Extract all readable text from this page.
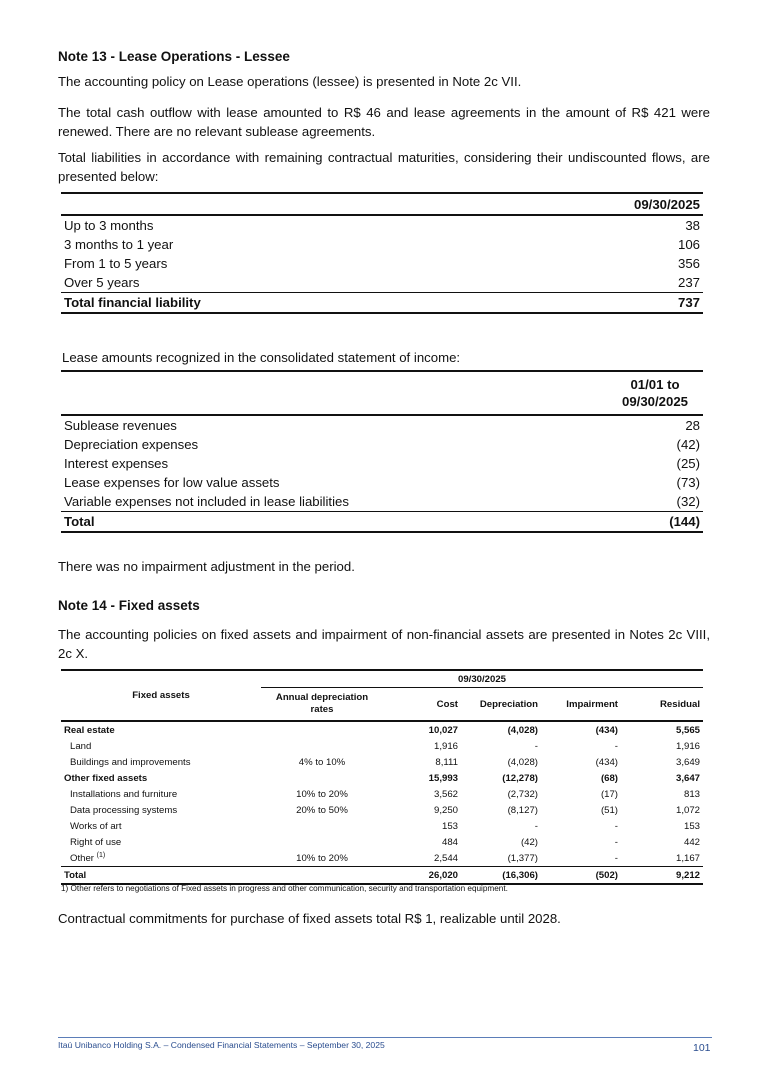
Note 13 - Lease Operations - Lessee
The accounting policy on Lease operations (lessee) is presented in Note 2c VII.
The total cash outflow with lease amounted to R$ 46 and lease agreements in the amount of R$ 421 were renewed. There are no relevant sublease agreements.
Total liabilities in accordance with remaining contractual maturities, considering their undiscounted flows, are presented below:
	09/30/2025
Up to 3 months	38
3 months to 1 year	106
From 1 to 5 years	356
Over 5 years	237
Total financial liability	737
Lease amounts recognized in the consolidated statement of income:

	01/01 to
09/30/2025

Sublease revenues	28
Depreciation expenses	(42)
Interest expenses	(25)
Lease expenses for low value assets	(73)
Variable expenses not included in lease liabilities	(32)
Total	(144)
There was no impairment adjustment in the period.
Note 14 - Fixed assets
The accounting policies on fixed assets and impairment of non-financial assets are presented in Notes 2c VIII, 2c X.
Fixed assets	09/30/2025				
	Annual depreciation rates	Cost	Depreciation	Impairment	Residual
Real estate		10,027	(4,028)	(434)	5,565
Land		1,916	-	-	1,916
Buildings and improvements	4% to 10%	8,111	(4,028)	(434)	3,649
Other fixed assets		15,993	(12,278)	(68)	3,647
Installations and furniture	10% to 20%	3,562	(2,732)	(17)	813
Data processing systems	20% to 50%	9,250	(8,127)	(51)	1,072
Works of art		153	-	-	153
Right of use		484	(42)	-	442
Other $^{(1)}$	10% to 20%	2,544	(1,377)	-	1,167
Total		26,020	(16,306)	(502)	9,212
1) Other refers to negotiations of Fixed assets in progress and other communication, security and transportation equipment.
Contractual commitments for purchase of fixed assets total R$ 1, realizable until 2028.
Itaú Unibanco Holding S.A. – Condensed Financial Statements – September 30, 2025	101
